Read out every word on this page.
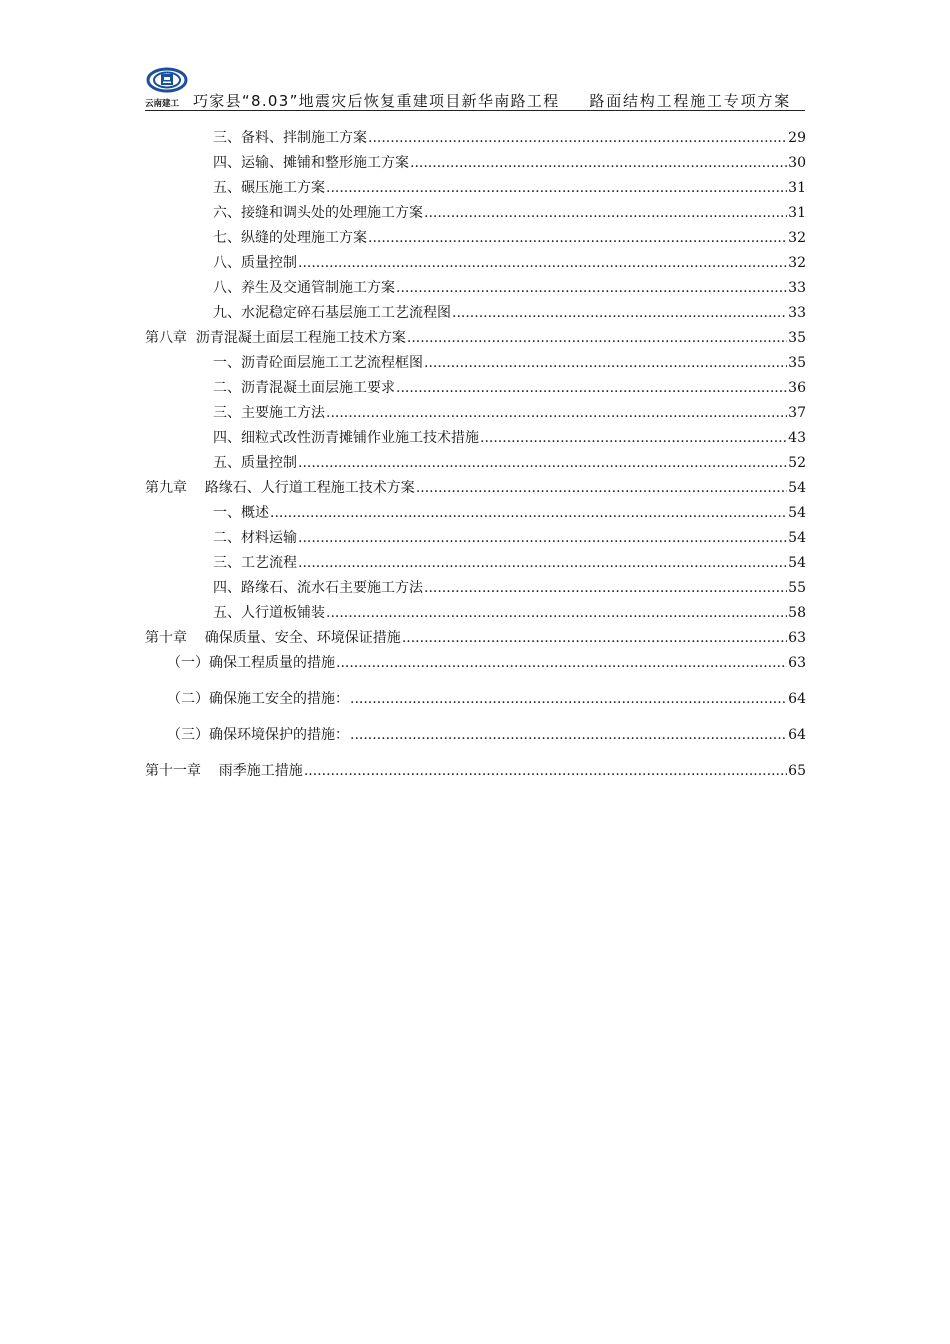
云南建工 巧家县“8.03”地震灾后恢复重建项目新华南路工程 路面结构工程施工专项方案
三、备料、拌制施工方案 .....	29
四、运输、摊铺和整形施工方案 .....	30
五、碾压施工方案 .....	31
六、接缝和调头处的处理施工方案 .....	31
七、纵缝的处理施工方案 .....	32
八、质量控制 .....	32
八、养生及交通管制施工方案 .....	33
九、水泥稳定碎石基层施工工艺流程图 .....	33
第八章  沥青混凝土面层工程施工技术方案 .....	35
一、沥青砼面层施工工艺流程框图 .....	35
二、沥青混凝土面层施工要求 .....	36
三、主要施工方法 .....	37
四、细粒式改性沥青摊铺作业施工技术措施 .....	43
五、质量控制 .....	52
第九章    路缘石、人行道工程施工技术方案 .....	54
一、概述 .....	54
二、材料运输 .....	54
三、工艺流程 .....	54
四、路缘石、流水石主要施工方法 .....	55
五、人行道板铺装 .....	58
第十章    确保质量、安全、环境保证措施 .....	63
（一）确保工程质量的措施 .....	63
（二）确保施工安全的措施： .....	64
（三）确保环境保护的措施： .....	64
第十一章    雨季施工措施 .....	65
